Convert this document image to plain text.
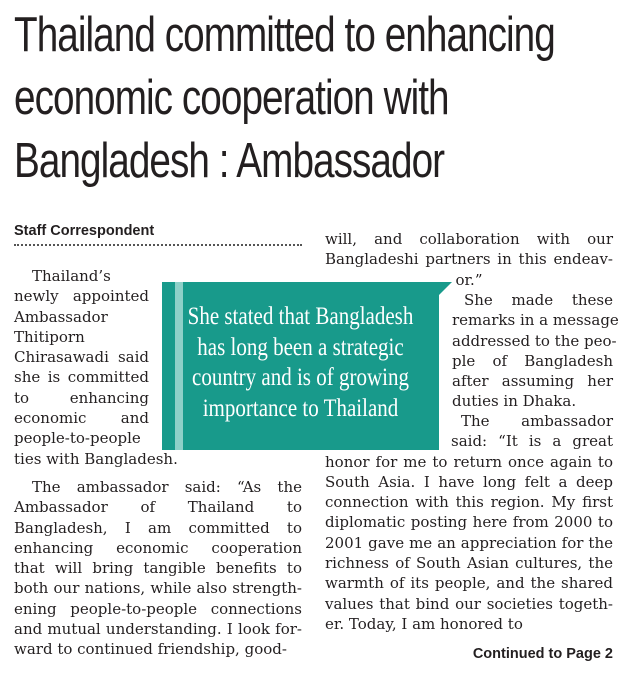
Thailand committed to enhancing
economic cooperation with
Bangladesh : Ambassador

Staff Correspondent

Thailand’s
newly appointed
Ambassador
Thitiporn
Chirasawadi said
she is committed
to enhancing
economic and
people-to-people
ties with Bangladesh.

The ambassador said: “As the
Ambassador of Thailand to
Bangladesh, I am committed to
enhancing economic cooperation
that will bring tangible benefits to
both our nations, while also strength-
ening people-to-people connections
and mutual understanding. I look for-
ward to continued friendship, good-

will, and collaboration with our
Bangladeshi partners in this endeav-
or.”

She made these
remarks in a message
addressed to the peo-
ple of Bangladesh
after assuming her
duties in Dhaka.

The ambassador
said: “It is a great
honor for me to return once again to
South Asia. I have long felt a deep
connection with this region. My first
diplomatic posting here from 2000 to
2001 gave me an appreciation for the
richness of South Asian cultures, the
warmth of its people, and the shared
values that bind our societies togeth-
er. Today, I am honored to

She stated that Bangladesh
has long been a strategic
country and is of growing
importance to Thailand

Continued to Page 2
